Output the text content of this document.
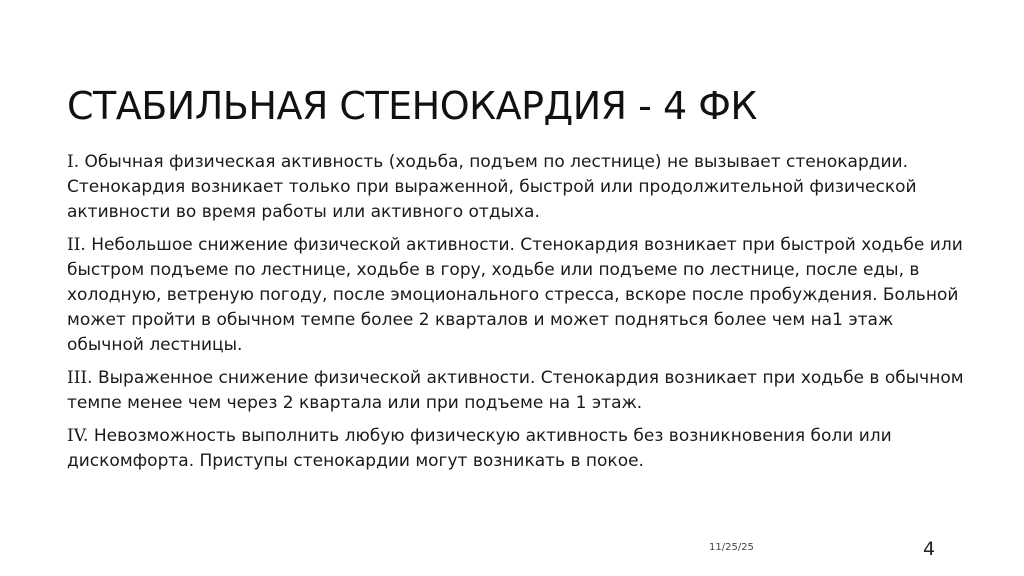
СТАБИЛЬНАЯ СТЕНОКАРДИЯ - 4 ФК

I. Обычная физическая активность (ходьба, подъем по лестнице) не вызывает стенокардии. Стенокардия возникает только при выраженной, быстрой или продолжительной физической активности во время работы или активного отдыха.

II. Небольшое снижение физической активности. Стенокардия возникает при быстрой ходьбе или быстром подъеме по лестнице, ходьбе в гору, ходьбе или подъеме по лестнице, после еды, в холодную, ветреную погоду, после эмоционального стресса, вскоре после пробуждения. Больной может пройти в обычном темпе более 2 кварталов и может подняться более чем на1 этаж обычной лестницы.

III. Выраженное снижение физической активности. Стенокардия возникает при ходьбе в обычном темпе менее чем через 2 квартала или при подъеме на 1 этаж.

IV. Невозможность выполнить любую физическую активность без возникновения боли или дискомфорта. Приступы стенокардии могут возникать в покое.

11/25/25	4
